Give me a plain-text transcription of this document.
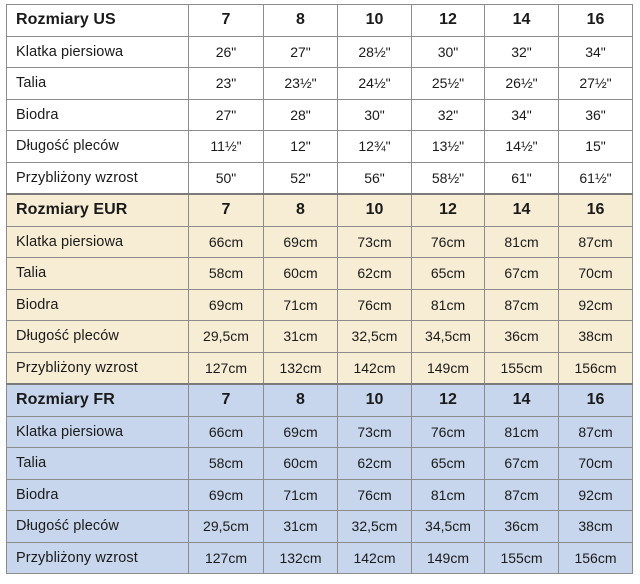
Rozmiary US	7	8	10	12	14	16
Klatka piersiowa	26"	27"	28½"	30"	32"	34"
Talia	23"	23½"	24½"	25½"	26½"	27½"
Biodra	27"	28"	30"	32"	34"	36"
Długość pleców	11½"	12"	12¾"	13½"	14½"	15"
Przybliżony wzrost	50"	52"	56"	58½"	61"	61½"
Rozmiary EUR	7	8	10	12	14	16
Klatka piersiowa	66cm	69cm	73cm	76cm	81cm	87cm
Talia	58cm	60cm	62cm	65cm	67cm	70cm
Biodra	69cm	71cm	76cm	81cm	87cm	92cm
Długość pleców	29,5cm	31cm	32,5cm	34,5cm	36cm	38cm
Przybliżony wzrost	127cm	132cm	142cm	149cm	155cm	156cm
Rozmiary FR	7	8	10	12	14	16
Klatka piersiowa	66cm	69cm	73cm	76cm	81cm	87cm
Talia	58cm	60cm	62cm	65cm	67cm	70cm
Biodra	69cm	71cm	76cm	81cm	87cm	92cm
Długość pleców	29,5cm	31cm	32,5cm	34,5cm	36cm	38cm
Przybliżony wzrost	127cm	132cm	142cm	149cm	155cm	156cm
